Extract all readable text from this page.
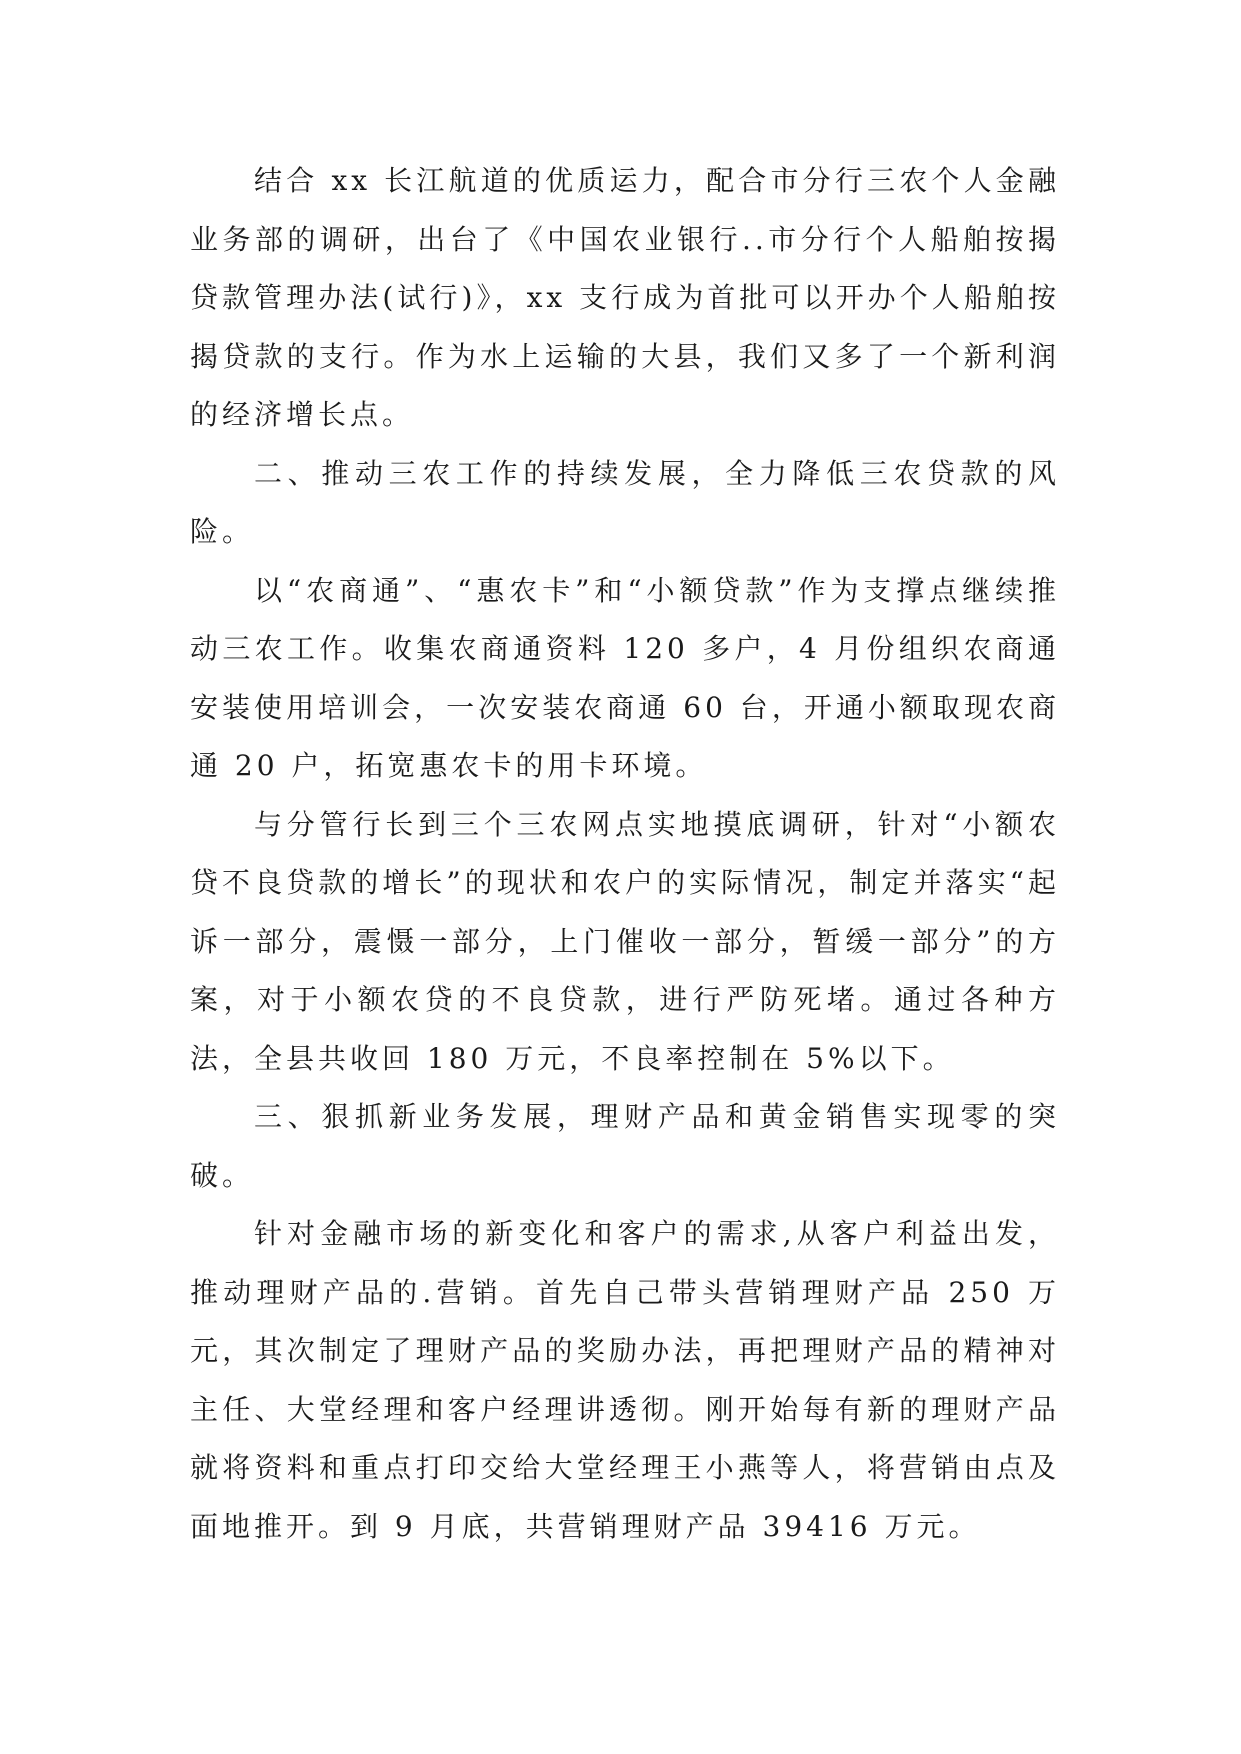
结合 xx 长江航道的优质运力，配合市分行三农个人金融业务部的调研，出台了《中国农业银行..市分行个人船舶按揭贷款管理办法(试行)》，xx 支行成为首批可以开办个人船舶按揭贷款的支行。作为水上运输的大县，我们又多了一个新利润的经济增长点。

二、推动三农工作的持续发展，全力降低三农贷款的风险。

以“农商通”、“惠农卡”和“小额贷款”作为支撑点继续推动三农工作。收集农商通资料 120 多户，4 月份组织农商通安装使用培训会，一次安装农商通 60 台，开通小额取现农商通 20 户，拓宽惠农卡的用卡环境。

与分管行长到三个三农网点实地摸底调研，针对“小额农贷不良贷款的增长”的现状和农户的实际情况，制定并落实“起诉一部分，震慑一部分，上门催收一部分，暂缓一部分”的方案，对于小额农贷的不良贷款，进行严防死堵。通过各种方法，全县共收回 180 万元，不良率控制在 5%以下。

三、狠抓新业务发展，理财产品和黄金销售实现零的突破。

针对金融市场的新变化和客户的需求,从客户利益出发，推动理财产品的.营销。首先自己带头营销理财产品 250 万元，其次制定了理财产品的奖励办法，再把理财产品的精神对主任、大堂经理和客户经理讲透彻。刚开始每有新的理财产品就将资料和重点打印交给大堂经理王小燕等人，将营销由点及面地推开。到 9 月底，共营销理财产品 39416 万元。
